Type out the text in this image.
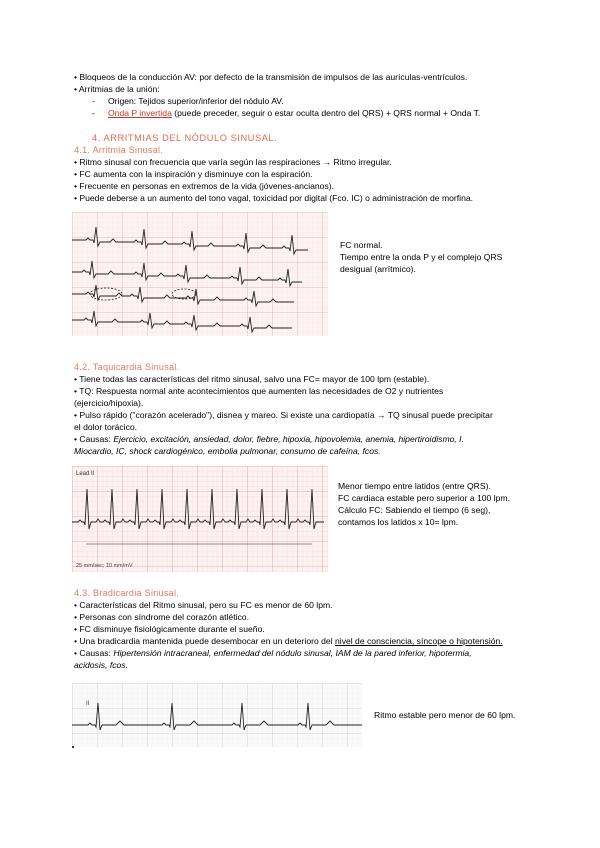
• Bloqueos de la conducción AV: por defecto de la transmisión de impulsos de las aurículas-ventrículos.
• Arritmias de la unión:
- Origen: Tejidos superior/inferior del nódulo AV.
- Onda P invertida (puede preceder, seguir o estar oculta dentro del QRS) + QRS normal + Onda T.
4. ARRITMIAS DEL NÓDULO SINUSAL.
4.1. Arritmia Sinusal.
• Ritmo sinusal con frecuencia que varía según las respiraciones → Ritmo irregular.
• FC aumenta con la inspiración y disminuye con la espiración.
• Frecuente en personas en extremos de la vida (jóvenes-ancianos).
• Puede deberse a un aumento del tono vagal, toxicidad por digital (Fco. IC) o administración de morfina.
FC normal.
Tiempo entre la onda P y el complejo QRS
desigual (arrítmico).
4.2. Taquicardia Sinusal.
• Tiene todas las características del ritmo sinusal, salvo una FC= mayor de 100 lpm (estable).
• TQ: Respuesta normal ante acontecimientos que aumenten las necesidades de O2 y nutrientes
(ejercicio/hipoxia).
• Pulso rápido ("corazón acelerado"), disnea y mareo. Si existe una cardiopatía → TQ sinusal puede precipitar
el dolor torácico.
• Causas: Ejercicio, excitación, ansiedad, dolor, fiebre, hipoxia, hipovolemia, anemia, hipertiroidismo, I.
Miocardio, IC, shock cardiogénico, embolia pulmonar, consumo de cafeína, fcos.
Lead II
25 mm/sec; 10 mm/mV
Menor tiempo entre latidos (entre QRS).
FC cardiaca estable pero superior a 100 lpm.
Cálculo FC: Sabiendo el tiempo (6 seg),
contamos los latidos x 10= lpm.
4.3. Bradicardia Sinusal.
• Características del Ritmo sinusal, pero su FC es menor de 60 lpm.
• Personas con síndrome del corazón atlético.
• FC disminuye fisiológicamente durante el sueño.
• Una bradicardia mantenida puede desembocar en un deterioro del nivel de consciencia, síncope o hipotensión.
• Causas: Hipertensión intracraneal, enfermedad del nódulo sinusal, IAM de la pared inferior, hipotermia,
acidosis, fcos.
II
Ritmo estable pero menor de 60 lpm.
